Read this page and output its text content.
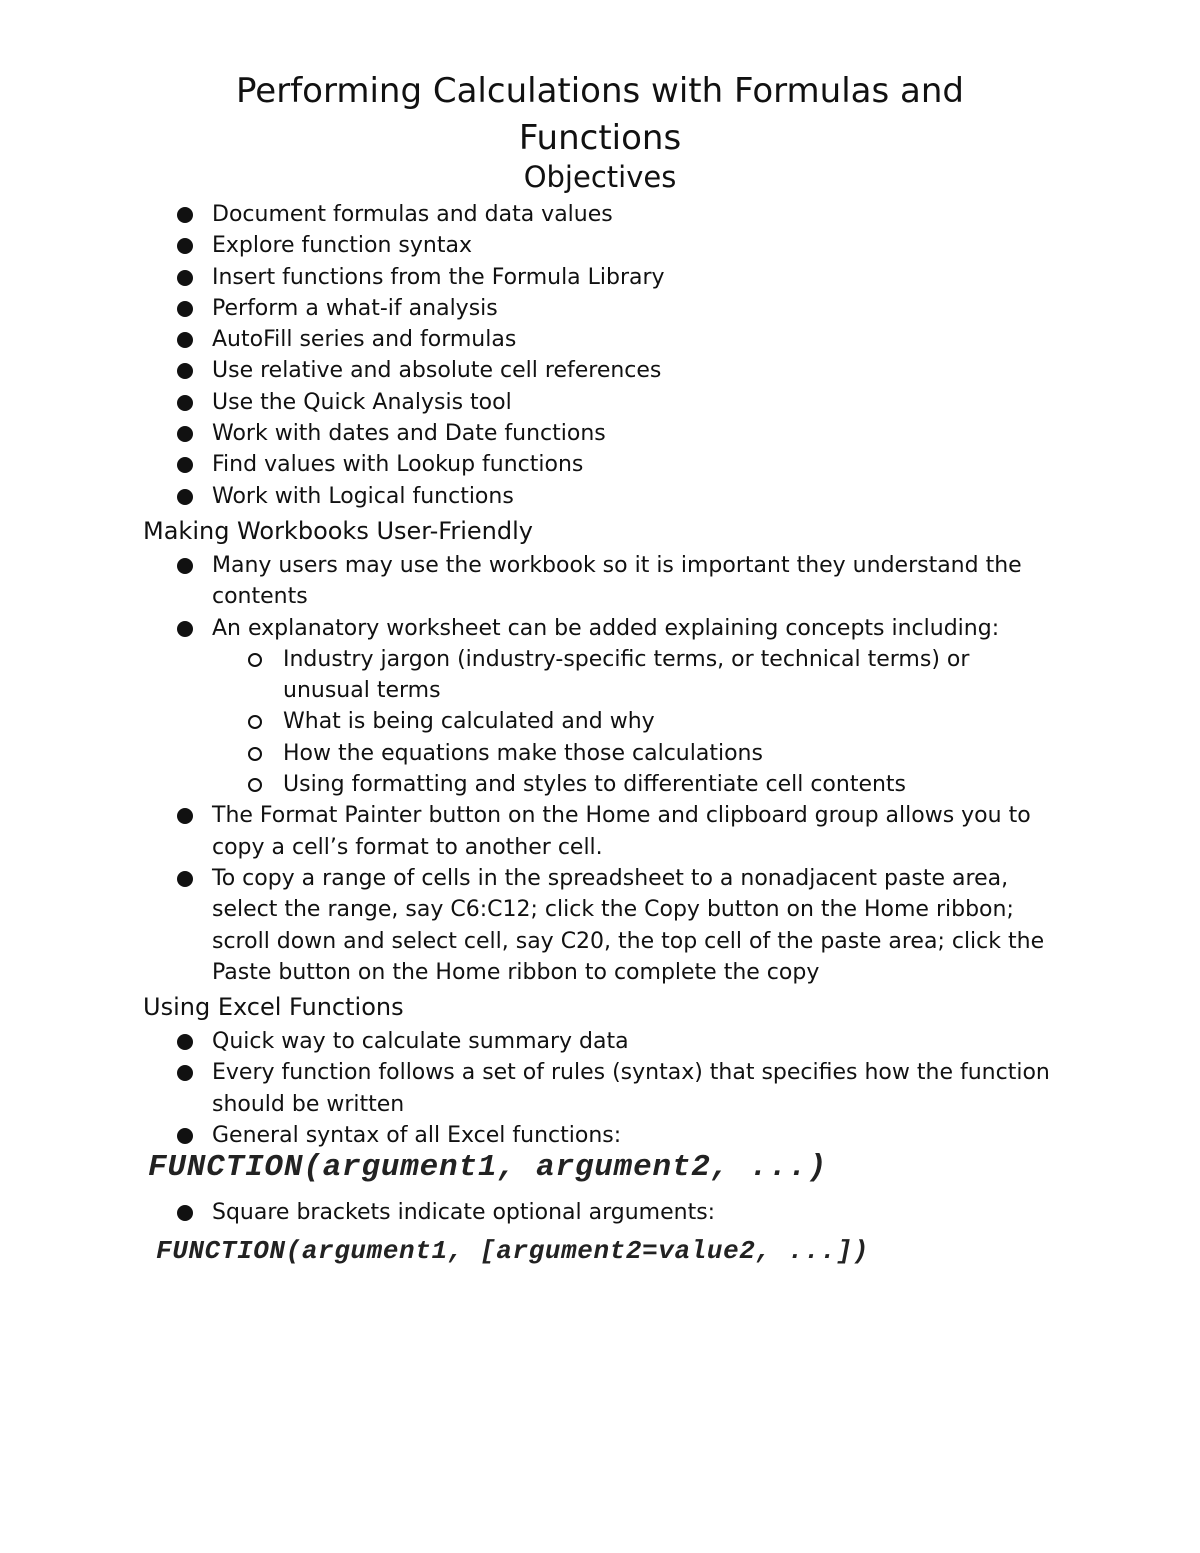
Performing Calculations with Formulas and Functions
Objectives
Document formulas and data values
Explore function syntax
Insert functions from the Formula Library
Perform a what-if analysis
AutoFill series and formulas
Use relative and absolute cell references
Use the Quick Analysis tool
Work with dates and Date functions
Find values with Lookup functions
Work with Logical functions
Making Workbooks User-Friendly
Many users may use the workbook so it is important they understand the contents
An explanatory worksheet can be added explaining concepts including:
Industry jargon (industry-specific terms, or technical terms) or unusual terms
What is being calculated and why
How the equations make those calculations
Using formatting and styles to differentiate cell contents
The Format Painter button on the Home and clipboard group allows you to copy a cell’s format to another cell.
To copy a range of cells in the spreadsheet to a nonadjacent paste area, select the range, say C6:C12; click the Copy button on the Home ribbon; scroll down and select cell, say C20, the top cell of the paste area; click the Paste button on the Home ribbon to complete the copy
Using Excel Functions
Quick way to calculate summary data
Every function follows a set of rules (syntax) that specifies how the function should be written
General syntax of all Excel functions:

FUNCTION(argument1, argument2, ...)

Square brackets indicate optional arguments:

FUNCTION(argument1, [argument2=value2, ...])
